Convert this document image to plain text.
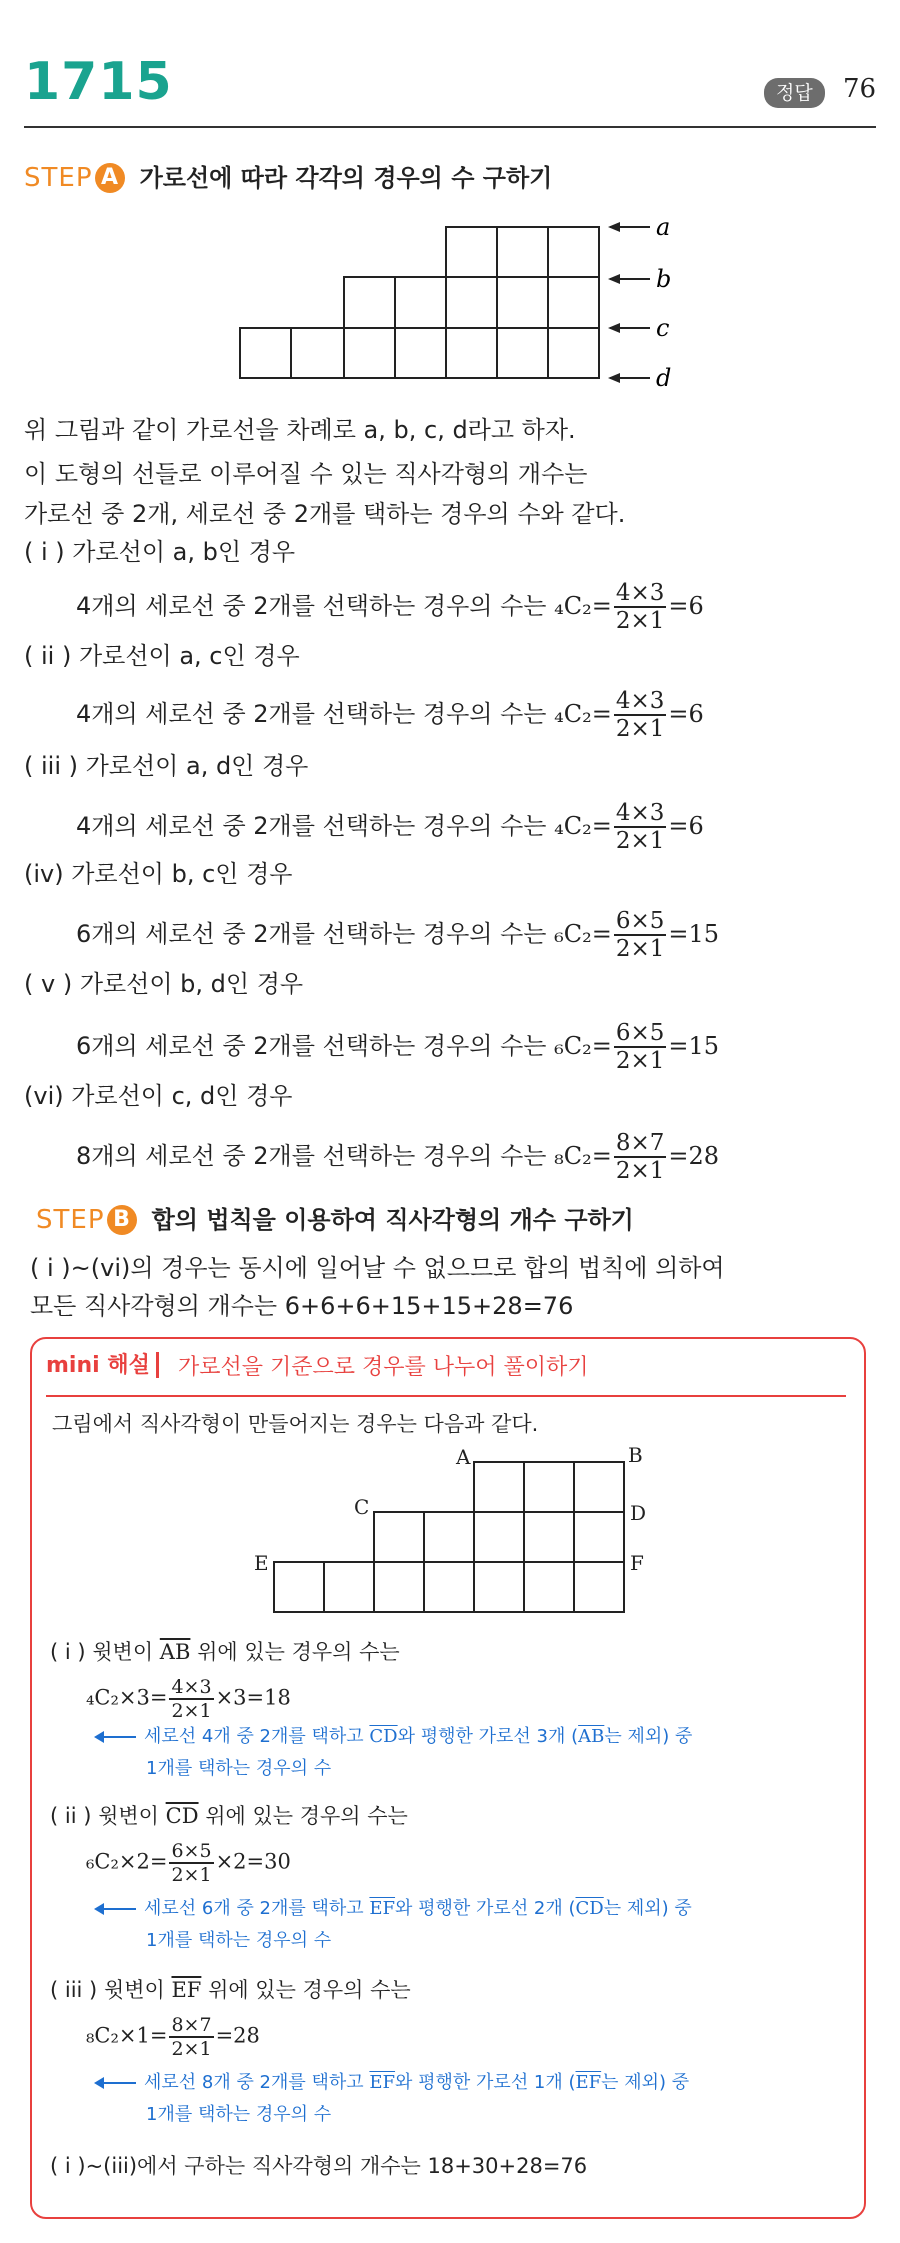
1715	정답	76
STEP A 가로선에 따라 각각의 경우의 수 구하기
a
b
c
d
위 그림과 같이 가로선을 차례로 a, b, c, d라고 하자.
이 도형의 선들로 이루어질 수 있는 직사각형의 개수는
가로선 중 2개, 세로선 중 2개를 택하는 경우의 수와 같다.
( i ) 가로선이 a, b인 경우
4개의 세로선 중 2개를 선택하는 경우의 수는 $_4C_2= \frac{4\times 3}{2\times 1} =6$
( ii ) 가로선이 a, c인 경우
4개의 세로선 중 2개를 선택하는 경우의 수는 $_4C_2= \frac{4\times 3}{2\times 1} =6$
( iii ) 가로선이 a, d인 경우
4개의 세로선 중 2개를 선택하는 경우의 수는 $_4C_2= \frac{4\times 3}{2\times 1} =6$
(iv) 가로선이 b, c인 경우
6개의 세로선 중 2개를 선택하는 경우의 수는 $_6C_2= \frac{6\times 5}{2\times 1} =15$
( v ) 가로선이 b, d인 경우
6개의 세로선 중 2개를 선택하는 경우의 수는 $_6C_2= \frac{6\times 5}{2\times 1} =15$
(vi) 가로선이 c, d인 경우
8개의 세로선 중 2개를 선택하는 경우의 수는 $_8C_2= \frac{8\times 7}{2\times 1} =28$
STEP B 합의 법칙을 이용하여 직사각형의 개수 구하기
( i )~(vi)의 경우는 동시에 일어날 수 없으므로 합의 법칙에 의하여
모든 직사각형의 개수는 6+6+6+15+15+28=76
mini 해설 가로선을 기준으로 경우를 나누어 풀이하기
그림에서 직사각형이 만들어지는 경우는 다음과 같다.
A	B
C	D
E	F
( i ) 윗변이 $\overline{AB}$ 위에 있는 경우의 수는
$_4C_2\times 3= \frac{4\times 3}{2\times 1} \times 3=18$
세로선 4개 중 2개를 택하고 $\overline{CD}$와 평행한 가로선 3개 ($\overline{AB}$는 제외) 중
1개를 택하는 경우의 수
( ii ) 윗변이 $\overline{CD}$ 위에 있는 경우의 수는
$_6C_2\times 2= \frac{6\times 5}{2\times 1} \times 2=30$
세로선 6개 중 2개를 택하고 $\overline{EF}$와 평행한 가로선 2개 ($\overline{CD}$는 제외) 중
1개를 택하는 경우의 수
( iii ) 윗변이 $\overline{EF}$ 위에 있는 경우의 수는
$_8C_2\times 1= \frac{8\times 7}{2\times 1} =28$
세로선 8개 중 2개를 택하고 $\overline{EF}$와 평행한 가로선 1개 ($\overline{EF}$는 제외) 중
1개를 택하는 경우의 수
( i )~(iii)에서 구하는 직사각형의 개수는 18+30+28=76
